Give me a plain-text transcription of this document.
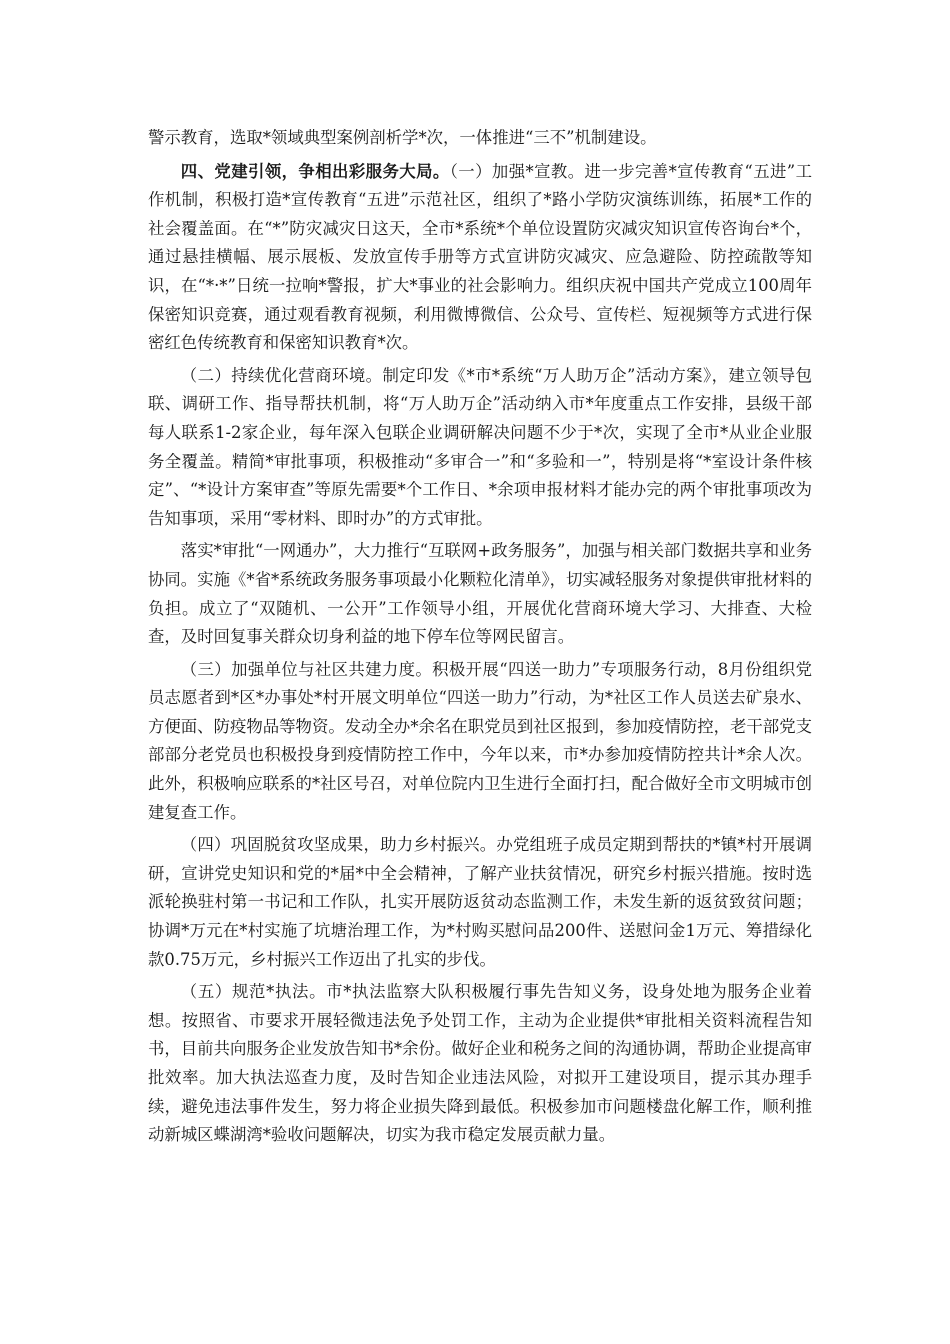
警示教育，选取*领域典型案例剖析学*次，一体推进“三不”机制建设。

四、党建引领，争相出彩服务大局。（一）加强*宣教。进一步完善*宣传教育“五进”工作机制，积极打造*宣传教育“五进”示范社区，组织了*路小学防灾演练训练，拓展*工作的社会覆盖面。在“*”防灾减灾日这天，全市*系统*个单位设置防灾减灾知识宣传咨询台*个，通过悬挂横幅、展示展板、发放宣传手册等方式宣讲防灾减灾、应急避险、防控疏散等知识，在“*·*”日统一拉响*警报，扩大*事业的社会影响力。组织庆祝中国共产党成立100周年保密知识竞赛，通过观看教育视频，利用微博微信、公众号、宣传栏、短视频等方式进行保密红色传统教育和保密知识教育*次。

（二）持续优化营商环境。制定印发《*市*系统“万人助万企”活动方案》，建立领导包联、调研工作、指导帮扶机制，将“万人助万企”活动纳入市*年度重点工作安排，县级干部每人联系1-2家企业，每年深入包联企业调研解决问题不少于*次，实现了全市*从业企业服务全覆盖。精简*审批事项，积极推动“多审合一”和“多验和一”，特别是将“*室设计条件核定”、“*设计方案审查”等原先需要*个工作日、*余项申报材料才能办完的两个审批事项改为告知事项，采用“零材料、即时办”的方式审批。

落实*审批“一网通办”，大力推行“互联网+政务服务”，加强与相关部门数据共享和业务协同。实施《*省*系统政务服务事项最小化颗粒化清单》，切实减轻服务对象提供审批材料的负担。成立了“双随机、一公开”工作领导小组，开展优化营商环境大学习、大排查、大检查，及时回复事关群众切身利益的地下停车位等网民留言。

（三）加强单位与社区共建力度。积极开展“四送一助力”专项服务行动，8月份组织党员志愿者到*区*办事处*村开展文明单位“四送一助力”行动，为*社区工作人员送去矿泉水、方便面、防疫物品等物资。发动全办*余名在职党员到社区报到，参加疫情防控，老干部党支部部分老党员也积极投身到疫情防控工作中，今年以来，市*办参加疫情防控共计*余人次。此外，积极响应联系的*社区号召，对单位院内卫生进行全面打扫，配合做好全市文明城市创建复查工作。

（四）巩固脱贫攻坚成果，助力乡村振兴。办党组班子成员定期到帮扶的*镇*村开展调研，宣讲党史知识和党的*届*中全会精神，了解产业扶贫情况，研究乡村振兴措施。按时选派轮换驻村第一书记和工作队，扎实开展防返贫动态监测工作，未发生新的返贫致贫问题；协调*万元在*村实施了坑塘治理工作，为*村购买慰问品200件、送慰问金1万元、筹措绿化款0.75万元，乡村振兴工作迈出了扎实的步伐。

（五）规范*执法。市*执法监察大队积极履行事先告知义务，设身处地为服务企业着想。按照省、市要求开展轻微违法免予处罚工作，主动为企业提供*审批相关资料流程告知书，目前共向服务企业发放告知书*余份。做好企业和税务之间的沟通协调，帮助企业提高审批效率。加大执法巡查力度，及时告知企业违法风险，对拟开工建设项目，提示其办理手续，避免违法事件发生，努力将企业损失降到最低。积极参加市问题楼盘化解工作，顺利推动新城区蝶湖湾*验收问题解决，切实为我市稳定发展贡献力量。
